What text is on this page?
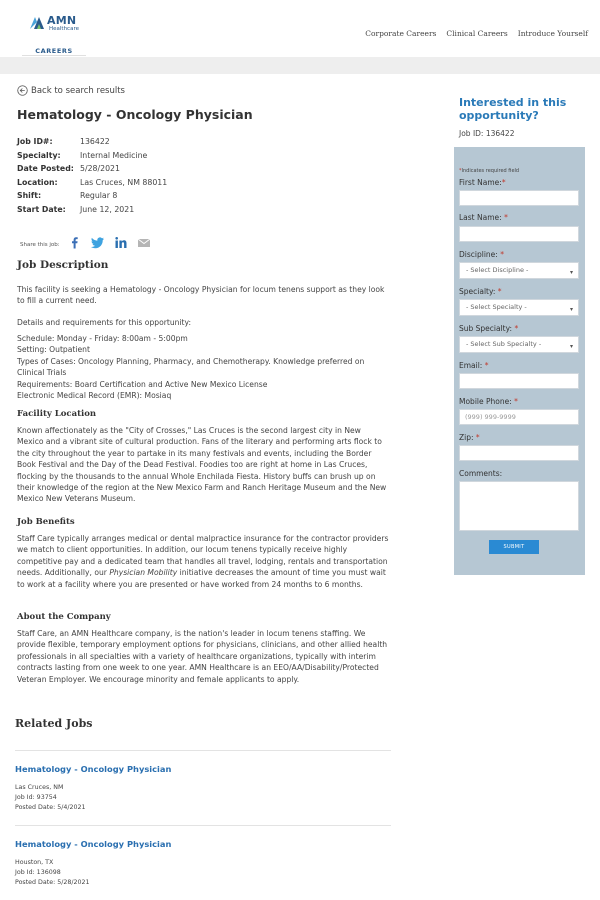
AMN
Healthcare
CAREERS
Corporate Careers Clinical Careers Introduce Yourself
Back to search results
Hematology - Oncology Physician
Job ID#:	136422
Specialty:	Internal Medicine
Date Posted: 5/28/2021
Location:	Las Cruces, NM 88011
Shift:	Regular 8
Start Date:	June 12, 2021
Share this job:
Job Description

This facility is seeking a Hematology - Oncology Physician for locum tenens support as they look to fill a current need.

Details and requirements for this opportunity:

Schedule: Monday - Friday: 8:00am - 5:00pm

Setting: Outpatient

Types of Cases: Oncology Planning, Pharmacy, and Chemotherapy. Knowledge preferred on Clinical Trials

Requirements: Board Certification and Active New Mexico License

Electronic Medical Record (EMR): Mosiaq

Facility Location

Known affectionately as the "City of Crosses," Las Cruces is the second largest city in New Mexico and a vibrant site of cultural production. Fans of the literary and performing arts flock to the city throughout the year to partake in its many festivals and events, including the Border Book Festival and the Day of the Dead Festival. Foodies too are right at home in Las Cruces, flocking by the thousands to the annual Whole Enchilada Fiesta. History buffs can brush up on their knowledge of the region at the New Mexico Farm and Ranch Heritage Museum and the New Mexico New Veterans Museum.

Job Benefits

Staff Care typically arranges medical or dental malpractice insurance for the contractor providers we match to client opportunities. In addition, our locum tenens typically receive highly competitive pay and a dedicated team that handles all travel, lodging, rentals and transportation needs. Additionally, our Physician Mobility initiative decreases the amount of time you must wait to work at a facility where you are presented or have worked from 24 months to 6 months.

About the Company

Staff Care, an AMN Healthcare company, is the nation's leader in locum tenens staffing. We provide flexible, temporary employment options for physicians, clinicians, and other allied health professionals in all specialties with a variety of healthcare organizations, typically with interim contracts lasting from one week to one year. AMN Healthcare is an EEO/AA/Disability/Protected Veteran Employer. We encourage minority and female applicants to apply.

Related Jobs
Hematology - Oncology Physician
Las Cruces, NM
Job Id: 93754
Posted Date: 5/4/2021
Hematology - Oncology Physician
Houston, TX
Job Id: 136098
Posted Date: 5/28/2021
Interested in this opportunity?
Job ID: 136422
*Indicates required field
First Name:*
Last Name: *
Discipline: *
- Select Discipline -	▾
Specialty: *
- Select Specialty -	▾
Sub Specialty: *
- Select Sub Specialty -	▾
Email: *
Mobile Phone: *
(999) 999-9999
Zip: *
Comments:
SUBMIT
